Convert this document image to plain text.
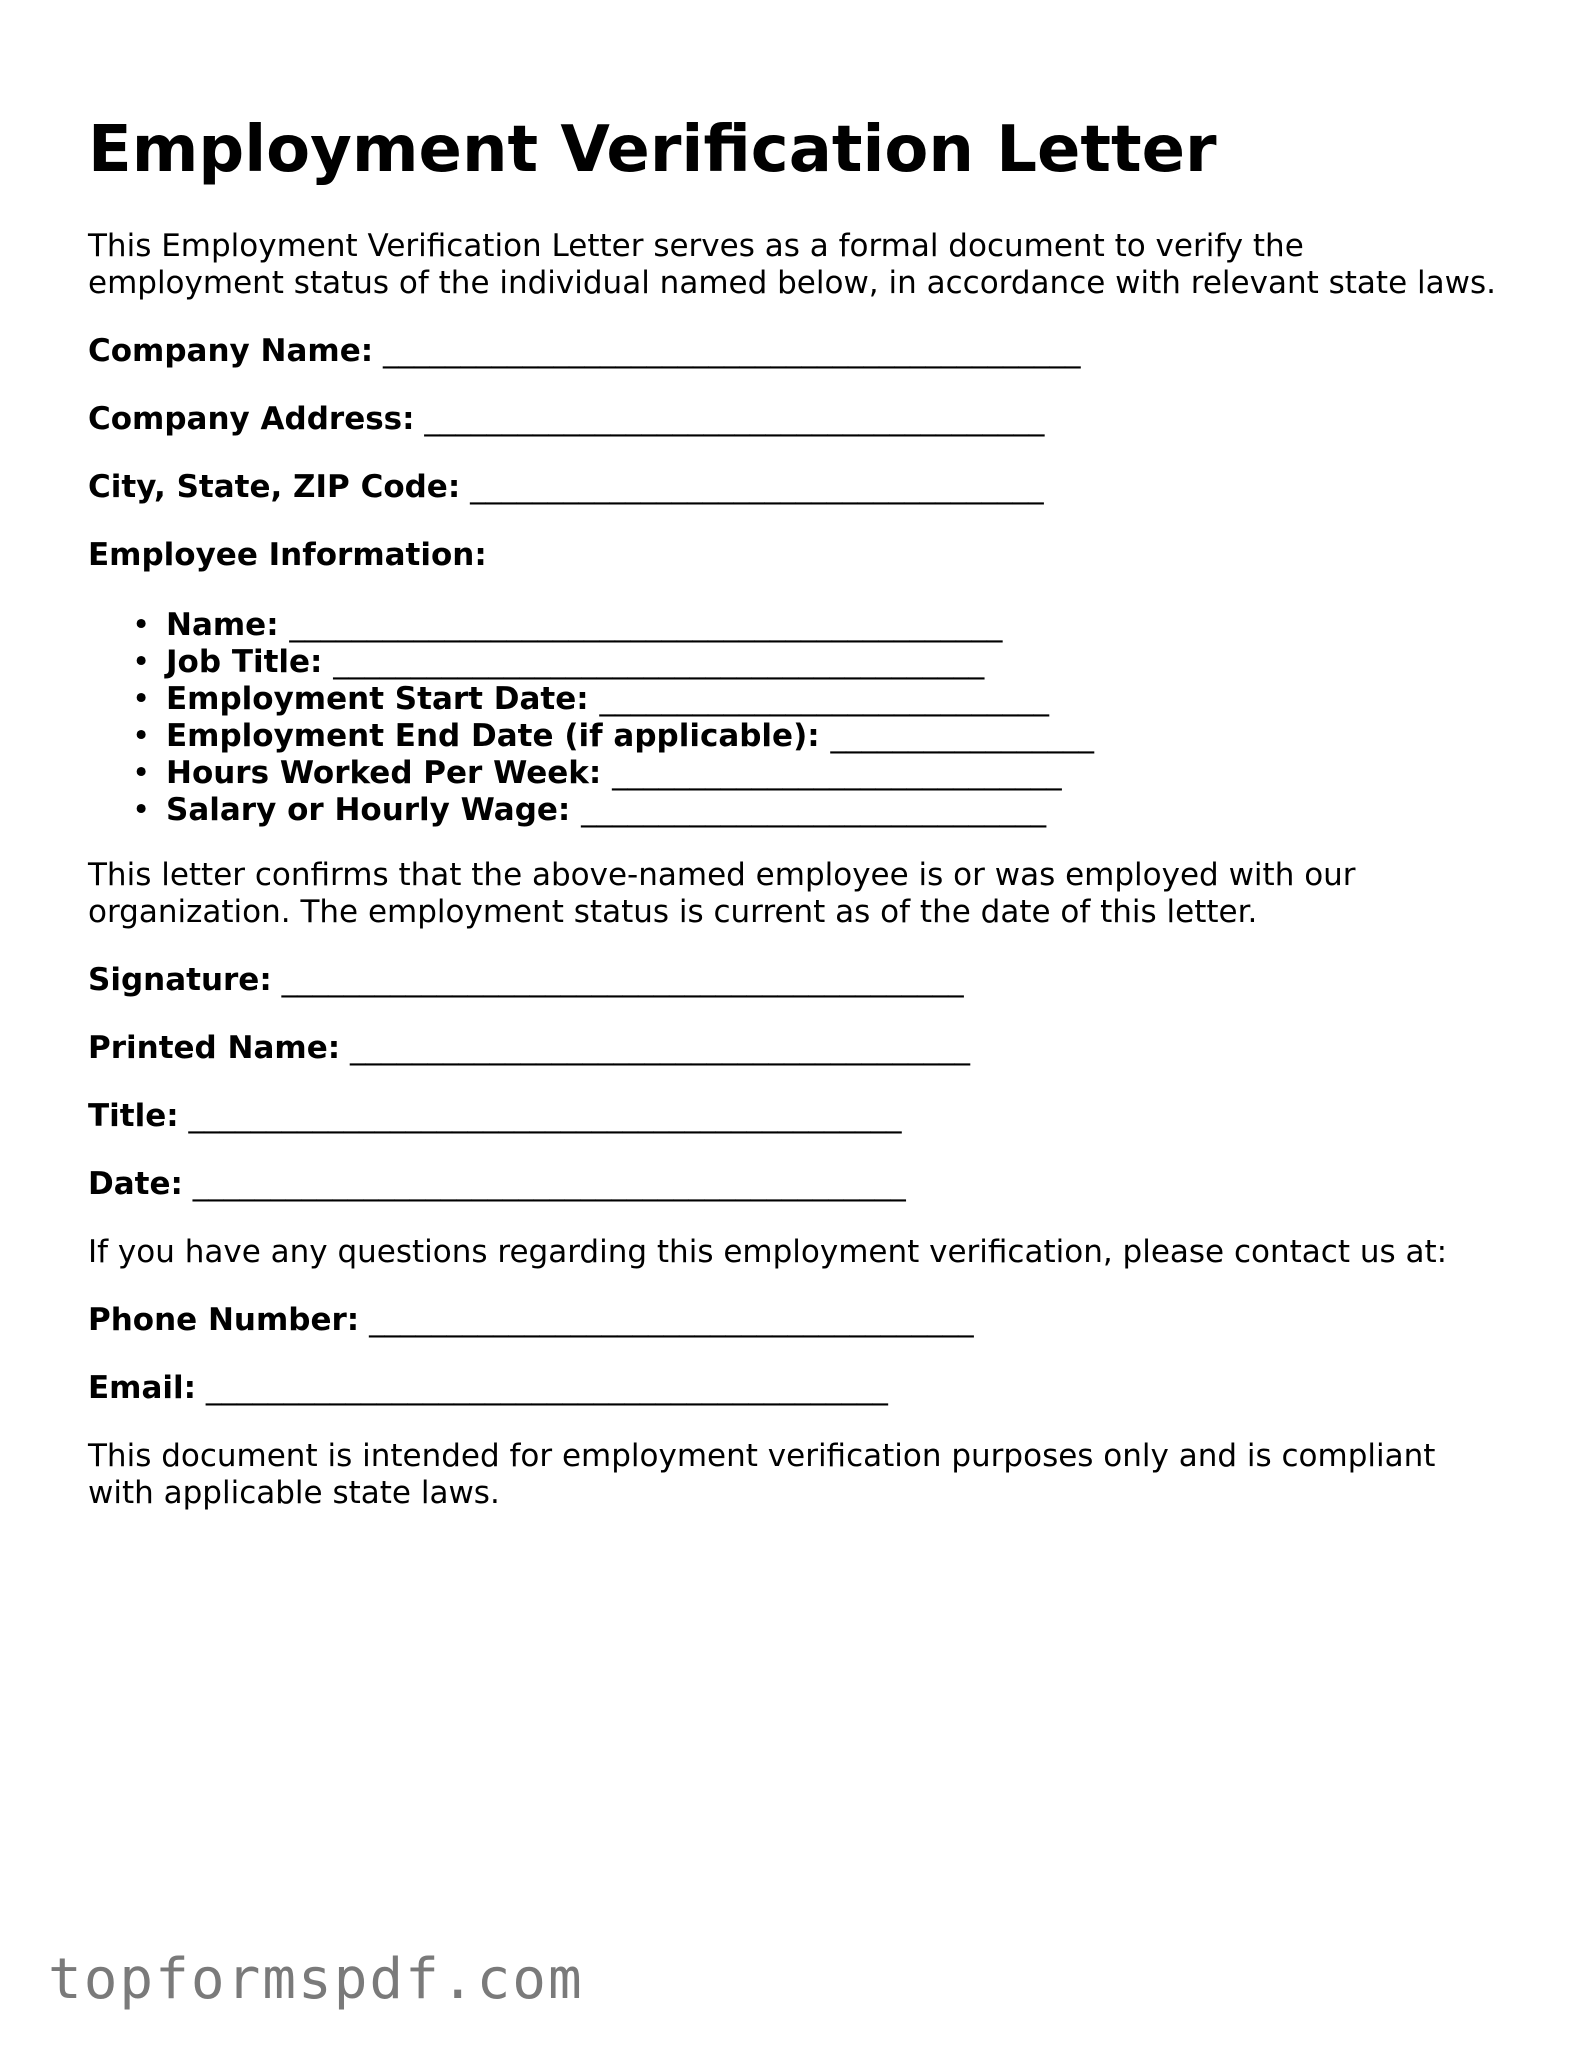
Employment Verification Letter

This Employment Verification Letter serves as a formal document to verify the
employment status of the individual named below, in accordance with relevant state laws.

Company Name: _____________________________________________

Company Address: ________________________________________

City, State, ZIP Code: _____________________________________

Employee Information:

• Name: ______________________________________________
• Job Title: __________________________________________
• Employment Start Date: _____________________________
• Employment End Date (if applicable): _________________
• Hours Worked Per Week: _____________________________
• Salary or Hourly Wage: ______________________________

This letter confirms that the above-named employee is or was employed with our
organization. The employment status is current as of the date of this letter.

Signature: ____________________________________________

Printed Name: ________________________________________

Title: ______________________________________________

Date: ______________________________________________

If you have any questions regarding this employment verification, please contact us at:

Phone Number: _______________________________________

Email: ____________________________________________

This document is intended for employment verification purposes only and is compliant
with applicable state laws.

topformspdf.com
